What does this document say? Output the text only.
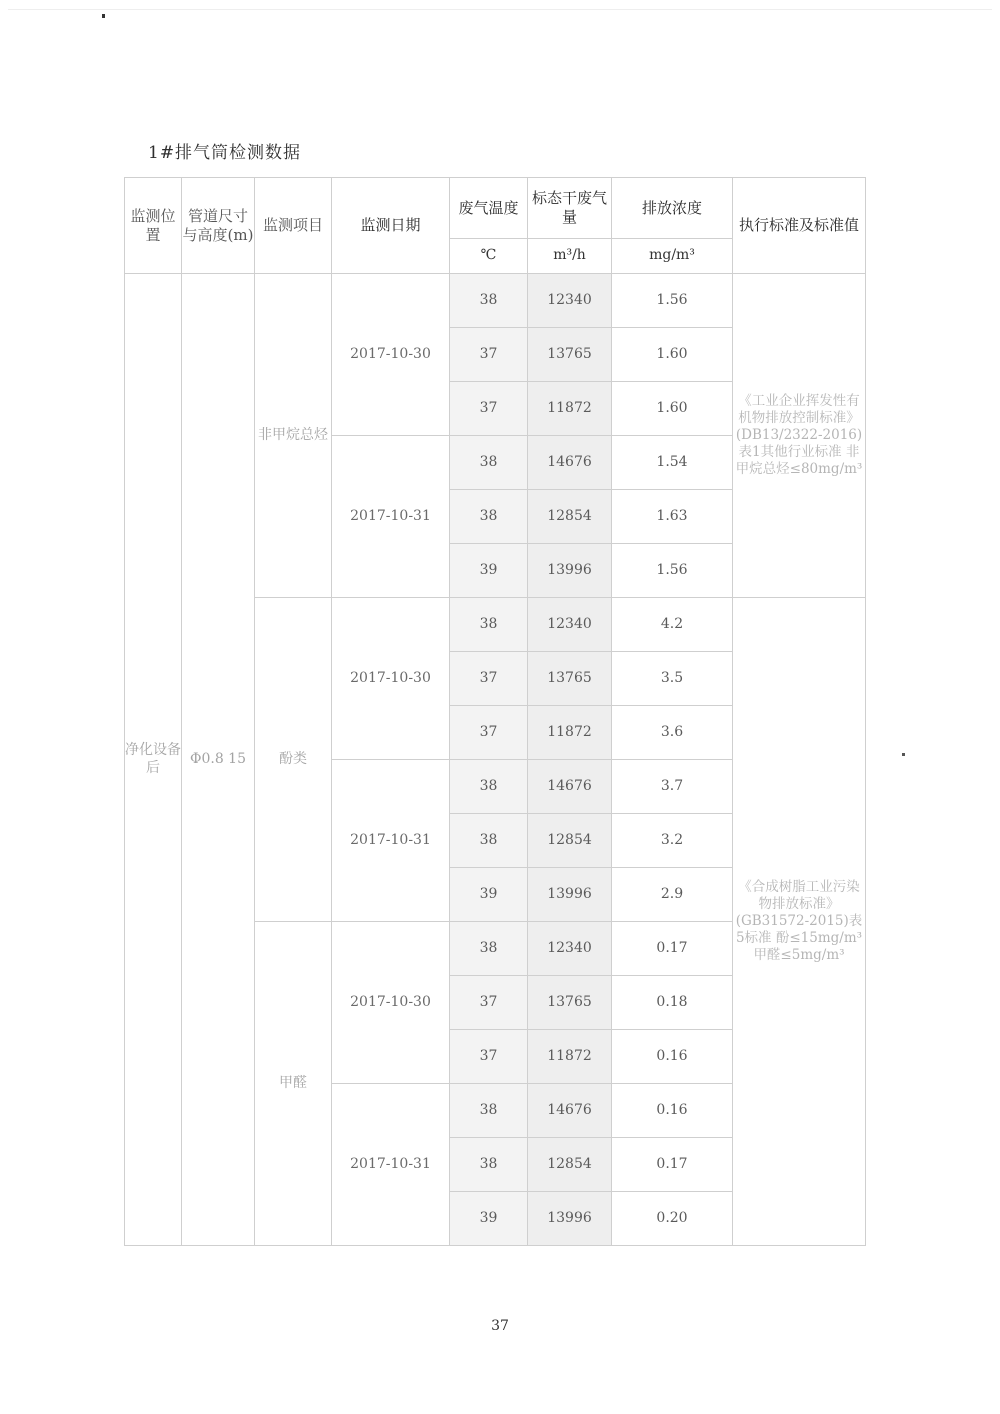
1#排气筒检测数据
监测位置	管道尺寸与高度(m)	监测项目	监测日期	废气温度	标态干废气量	排放浓度	执行标准及标准值
				℃	m³/h	mg/m³	
净化设备后	Φ0.8 15	非甲烷总烃	2017-10-30	38	12340	1.56	《工业企业挥发性有机物排放控制标准》(DB13/2322-2016)表1其他行业标准 非甲烷总烃≤80mg/m³
				37	13765	1.60	
				37	11872	1.60	
			2017-10-31	38	14676	1.54	
				38	12854	1.63	
				39	13996	1.56	
		酚类	2017-10-30	38	12340	4.2	《合成树脂工业污染物排放标准》(GB31572-2015)表5标准 酚≤15mg/m³ 甲醛≤5mg/m³
				37	13765	3.5	
				37	11872	3.6	
			2017-10-31	38	14676	3.7	
				38	12854	3.2	
				39	13996	2.9	
		甲醛	2017-10-30	38	12340	0.17	
				37	13765	0.18	
				37	11872	0.16	
			2017-10-31	38	14676	0.16	
				38	12854	0.17	
				39	13996	0.20	
37
